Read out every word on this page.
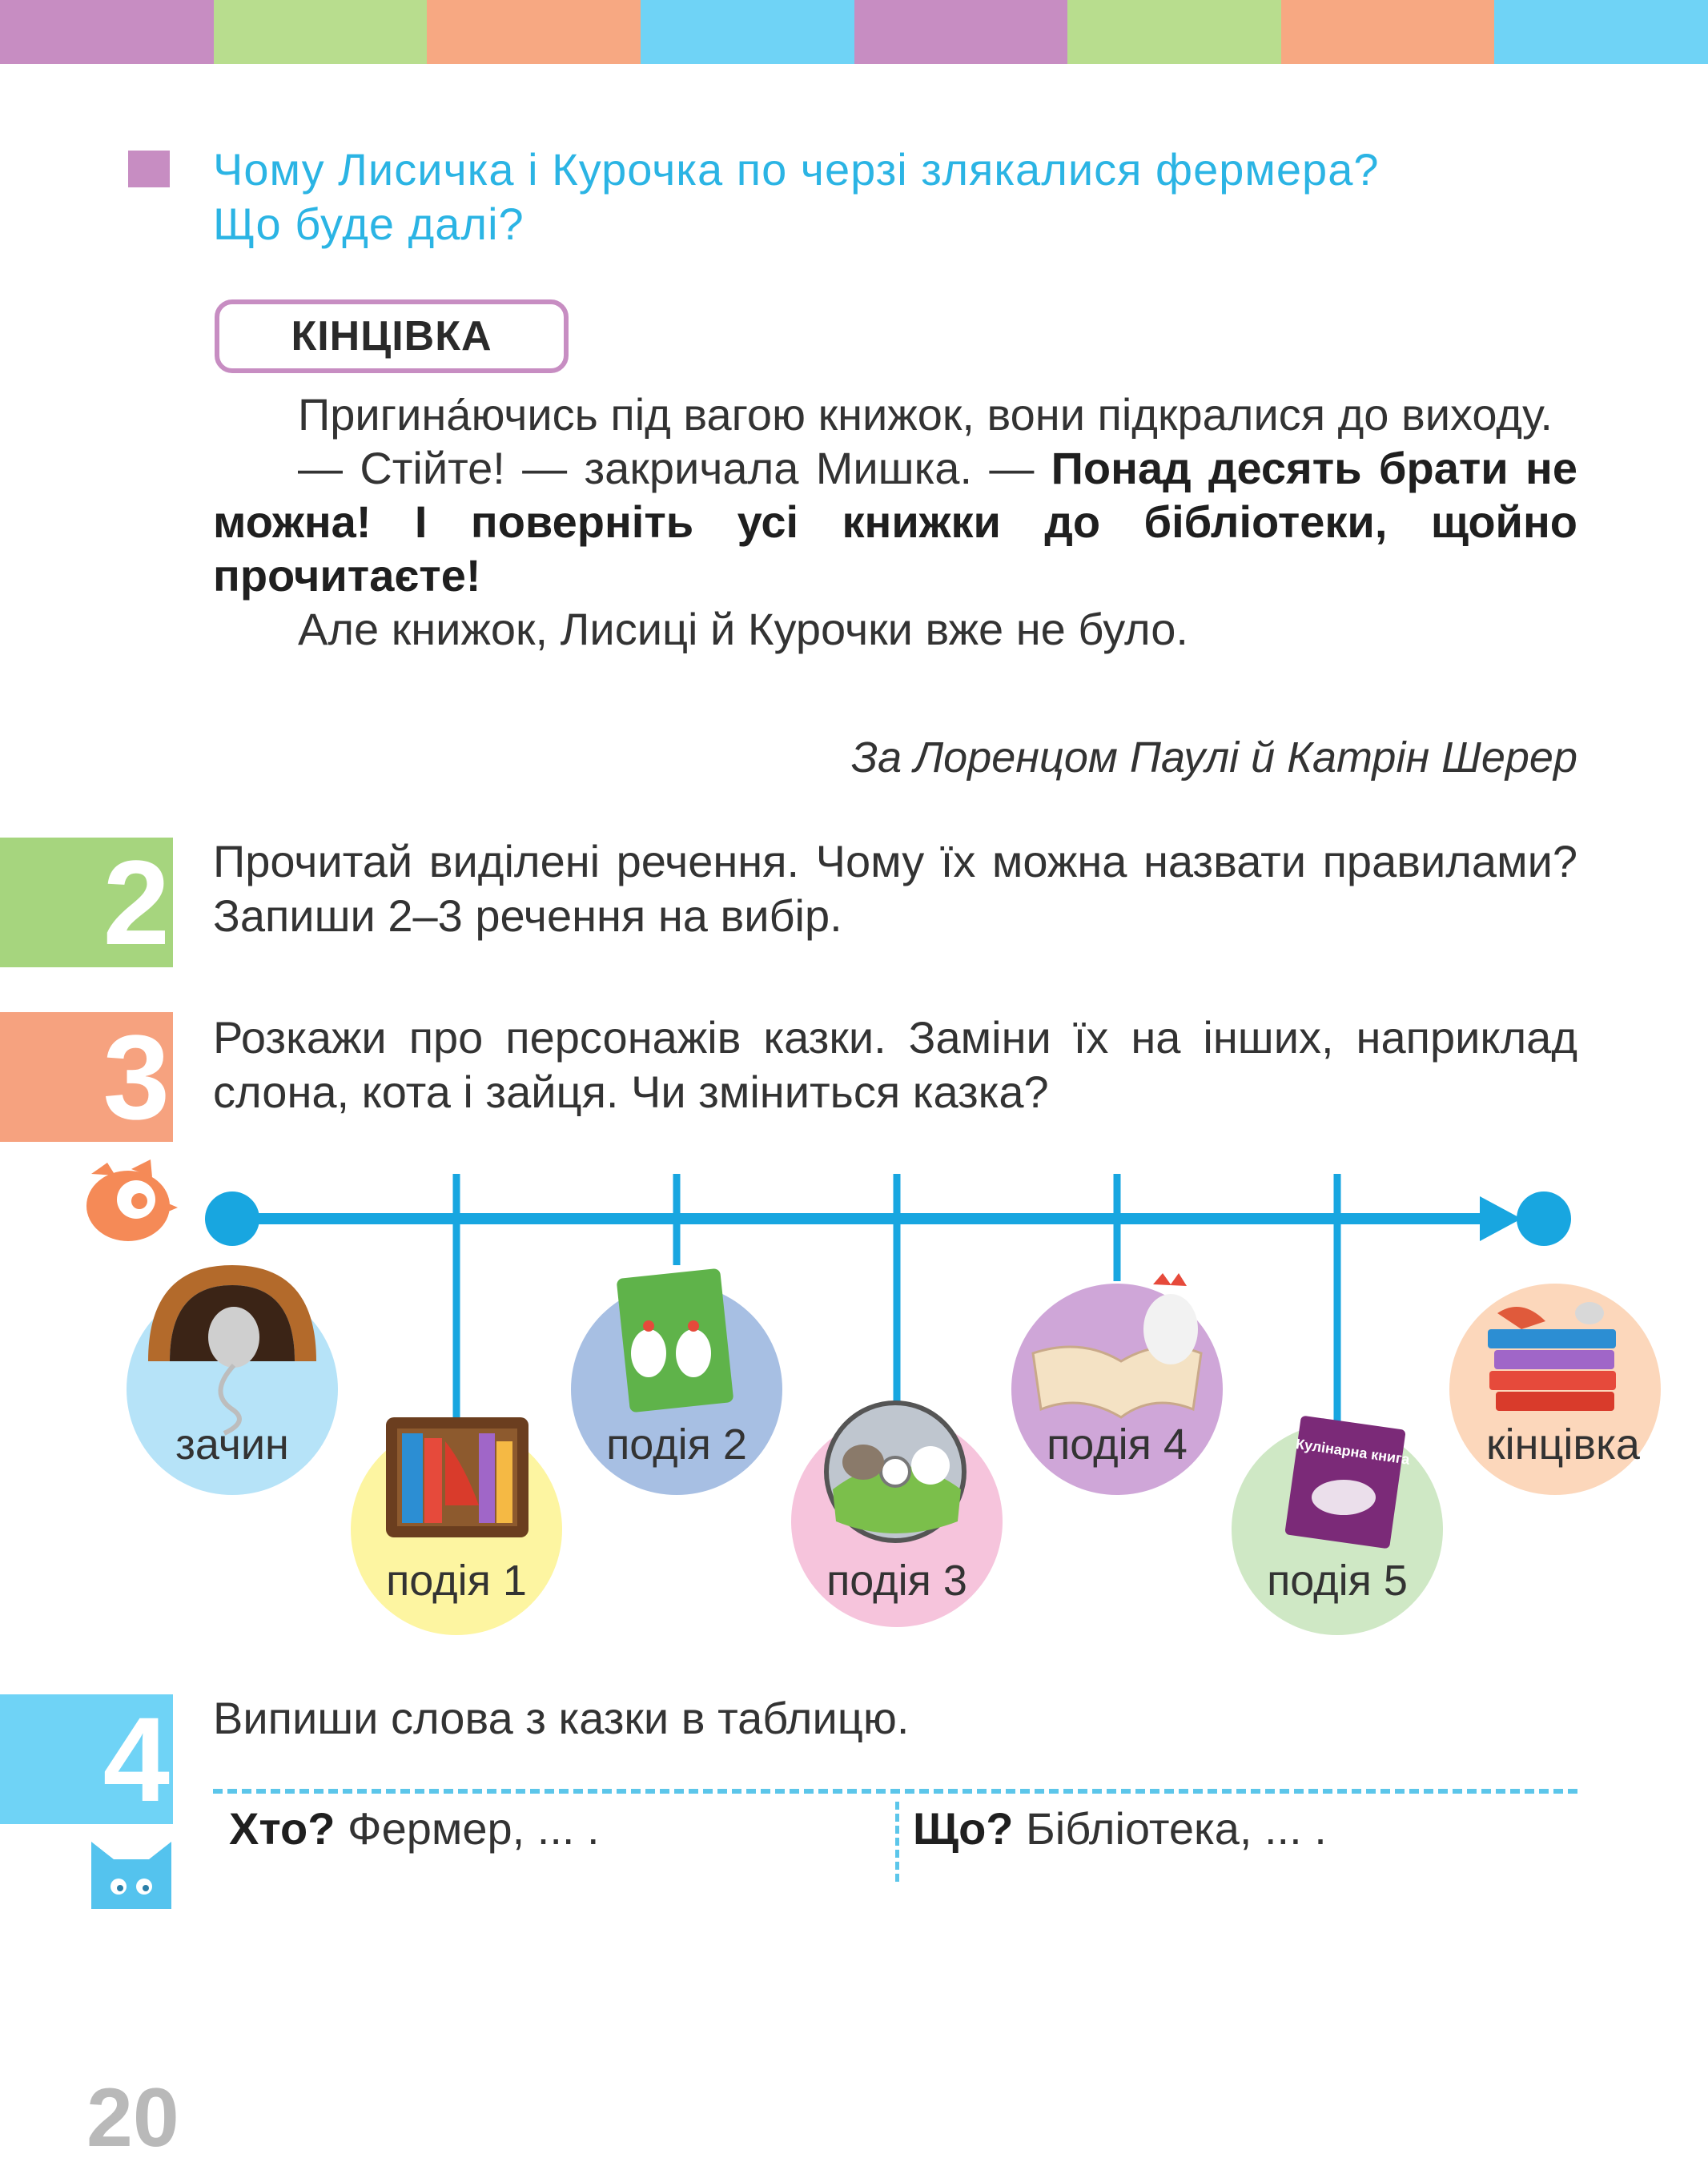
Чому Лисичка і Курочка по черзі злякалися фермера?
Що буде далі?
КІНЦІВКА

Пригина́ючись під вагою книжок, вони підкралися до виходу.

— Стійте! — закричала Мишка. — Понад десять брати не можна! І поверніть усі книжки до бібліотеки, щойно прочитаєте!

Але книжок, Лисиці й Курочки вже не було.

За Лоренцом Паулі й Катрін Шерер
2 Прочитай виділені речення. Чому їх можна назвати правилами? Запиши 2–3 речення на вибір.
3 Розкажи про персонажів казки. Заміни їх на інших, наприклад слона, кота і зайця. Чи зміниться казка?
Кулінарна книга
зачин
подія 1
подія 2
подія 3
подія 4
подія 5
кінцівка
4 Випиши слова з казки в таблицю.
Хто? Фермер, ... .	Що? Бібліотека, ... .
20
